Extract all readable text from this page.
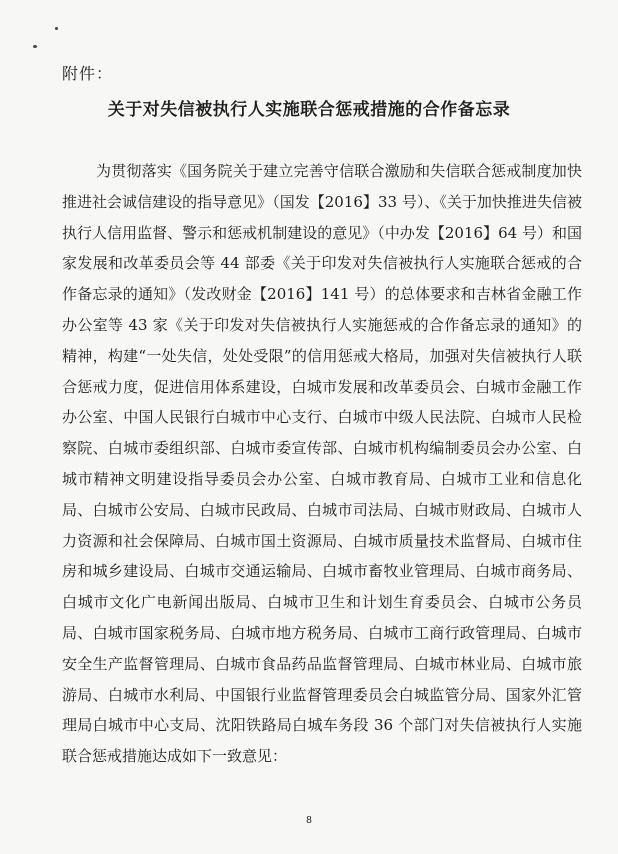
附件：
关于对失信被执行人实施联合惩戒措施的合作备忘录

为贯彻落实《国务院关于建立完善守信联合激励和失信联合惩戒制度加快推进社会诚信建设的指导意见》（国发【2016】33 号）、《关于加快推进失信被执行人信用监督、警示和惩戒机制建设的意见》（中办发【2016】64 号）和国家发展和改革委员会等 44 部委《关于印发对失信被执行人实施联合惩戒的合作备忘录的通知》（发改财金【2016】141 号）的总体要求和吉林省金融工作办公室等 43 家《关于印发对失信被执行人实施惩戒的合作备忘录的通知》的精神，构建“一处失信，处处受限”的信用惩戒大格局，加强对失信被执行人联合惩戒力度，促进信用体系建设，白城市发展和改革委员会、白城市金融工作办公室、中国人民银行白城市中心支行、白城市中级人民法院、白城市人民检察院、白城市委组织部、白城市委宣传部、白城市机构编制委员会办公室、白城市精神文明建设指导委员会办公室、白城市教育局、白城市工业和信息化局、白城市公安局、白城市民政局、白城市司法局、白城市财政局、白城市人力资源和社会保障局、白城市国土资源局、白城市质量技术监督局、白城市住房和城乡建设局、白城市交通运输局、白城市畜牧业管理局、白城市商务局、白城市文化广电新闻出版局、白城市卫生和计划生育委员会、白城市公务员局、白城市国家税务局、白城市地方税务局、白城市工商行政管理局、白城市安全生产监督管理局、白城市食品药品监督管理局、白城市林业局、白城市旅游局、白城市水利局、中国银行业监督管理委员会白城监管分局、国家外汇管理局白城市中心支局、沈阳铁路局白城车务段 36 个部门对失信被执行人实施联合惩戒措施达成如下一致意见：

8
